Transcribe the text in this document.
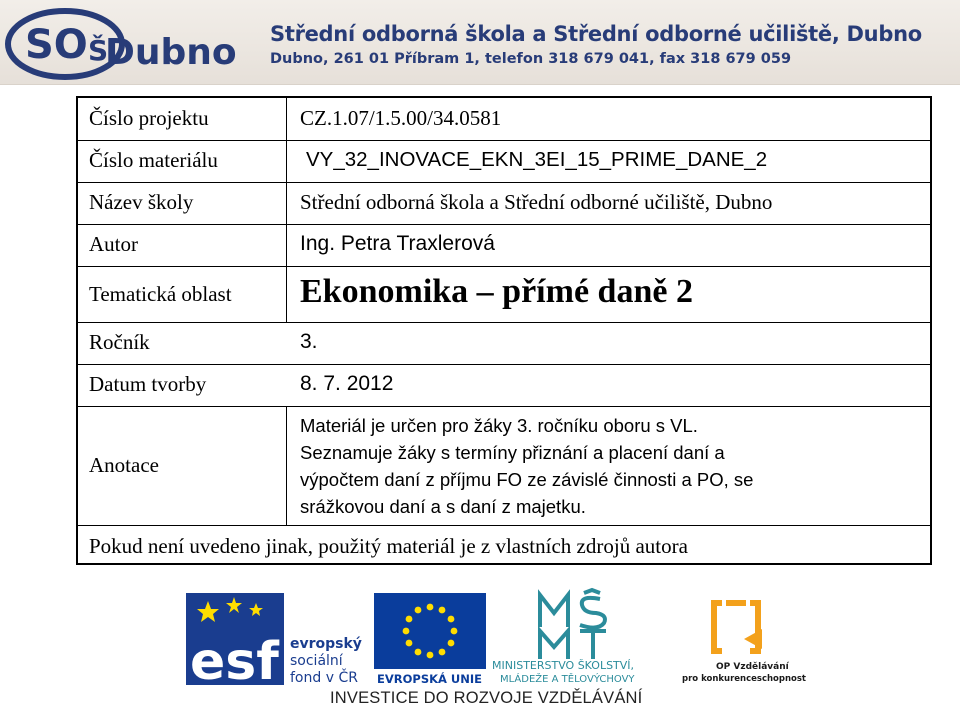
SO Š
Dubno Střední odborná škola a Střední odborné učiliště, Dubno
Dubno, 261 01 Příbram 1, telefon 318 679 041, fax 318 679 059
Číslo projektu
Číslo materiálu
Název školy
Autor
Tematická oblast
Ročník
Datum tvorby
Anotace
CZ.1.07/1.5.00/34.0581
VY_32_INOVACE_EKN_3EI_15_PRIME_DANE_2
Střední odborná škola a Střední odborné učiliště, Dubno
Ing. Petra Traxlerová
Ekonomika – přímé daně 2
3.
8. 7. 2012
Materiál je určen pro žáky 3. ročníku oboru s VL.
Seznamuje žáky s termíny přiznání a placení daní a
výpočtem daní z příjmu FO ze závislé činnosti a PO, se
srážkovou daní a s daní z majetku.
Pokud není uvedeno jinak, použitý materiál je z vlastních zdrojů autora
esf evropský
sociální
fond v ČR EVROPSKÁ UNIE
MINISTERSTVO ŠKOLSTVÍ,
MLÁDEŽE A TĚLOVÝCHOVY
OP Vzdělávání
pro konkurenceschopnost
INVESTICE DO ROZVOJE VZDĚLÁVÁNÍ
